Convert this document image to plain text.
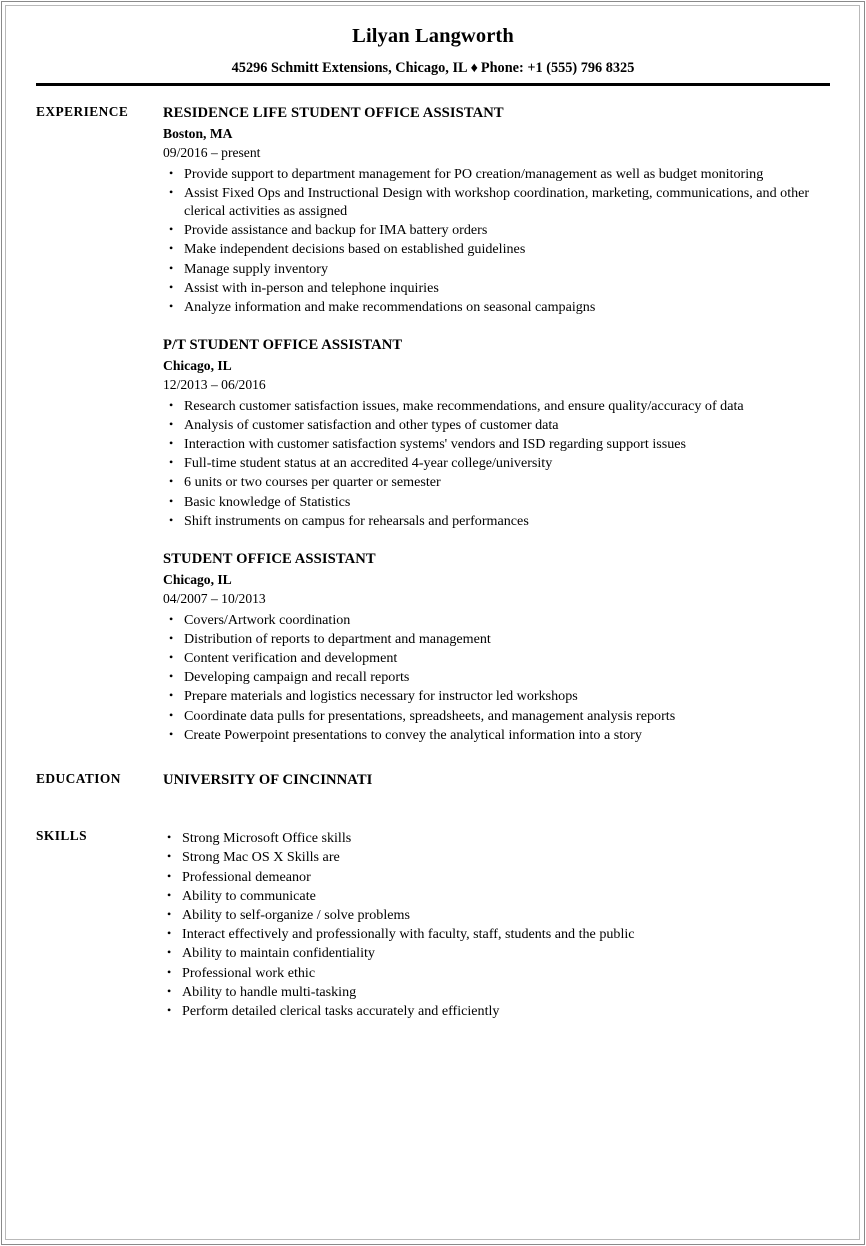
Lilyan Langworth
45296 Schmitt Extensions, Chicago, IL ♦ Phone: +1 (555) 796 8325
EXPERIENCE	RESIDENCE LIFE STUDENT OFFICE ASSISTANT
Boston, MA
09/2016 – present
• Provide support to department management for PO creation/management as well as budget monitoring
• Assist Fixed Ops and Instructional Design with workshop coordination, marketing, communications, and other clerical activities as assigned
• Provide assistance and backup for IMA battery orders
• Make independent decisions based on established guidelines
• Manage supply inventory
• Assist with in-person and telephone inquiries
• Analyze information and make recommendations on seasonal campaigns
P/T STUDENT OFFICE ASSISTANT
Chicago, IL
12/2013 – 06/2016
• Research customer satisfaction issues, make recommendations, and ensure quality/accuracy of data
• Analysis of customer satisfaction and other types of customer data
• Interaction with customer satisfaction systems' vendors and ISD regarding support issues
• Full-time student status at an accredited 4-year college/university
• 6 units or two courses per quarter or semester
• Basic knowledge of Statistics
• Shift instruments on campus for rehearsals and performances
STUDENT OFFICE ASSISTANT
Chicago, IL
04/2007 – 10/2013
• Covers/Artwork coordination
• Distribution of reports to department and management
• Content verification and development
• Developing campaign and recall reports
• Prepare materials and logistics necessary for instructor led workshops
• Coordinate data pulls for presentations, spreadsheets, and management analysis reports
• Create Powerpoint presentations to convey the analytical information into a story
EDUCATION	UNIVERSITY OF CINCINNATI
SKILLS	• Strong Microsoft Office skills
• Strong Mac OS X Skills are
• Professional demeanor
• Ability to communicate
• Ability to self-organize / solve problems
• Interact effectively and professionally with faculty, staff, students and the public
• Ability to maintain confidentiality
• Professional work ethic
• Ability to handle multi-tasking
• Perform detailed clerical tasks accurately and efficiently
